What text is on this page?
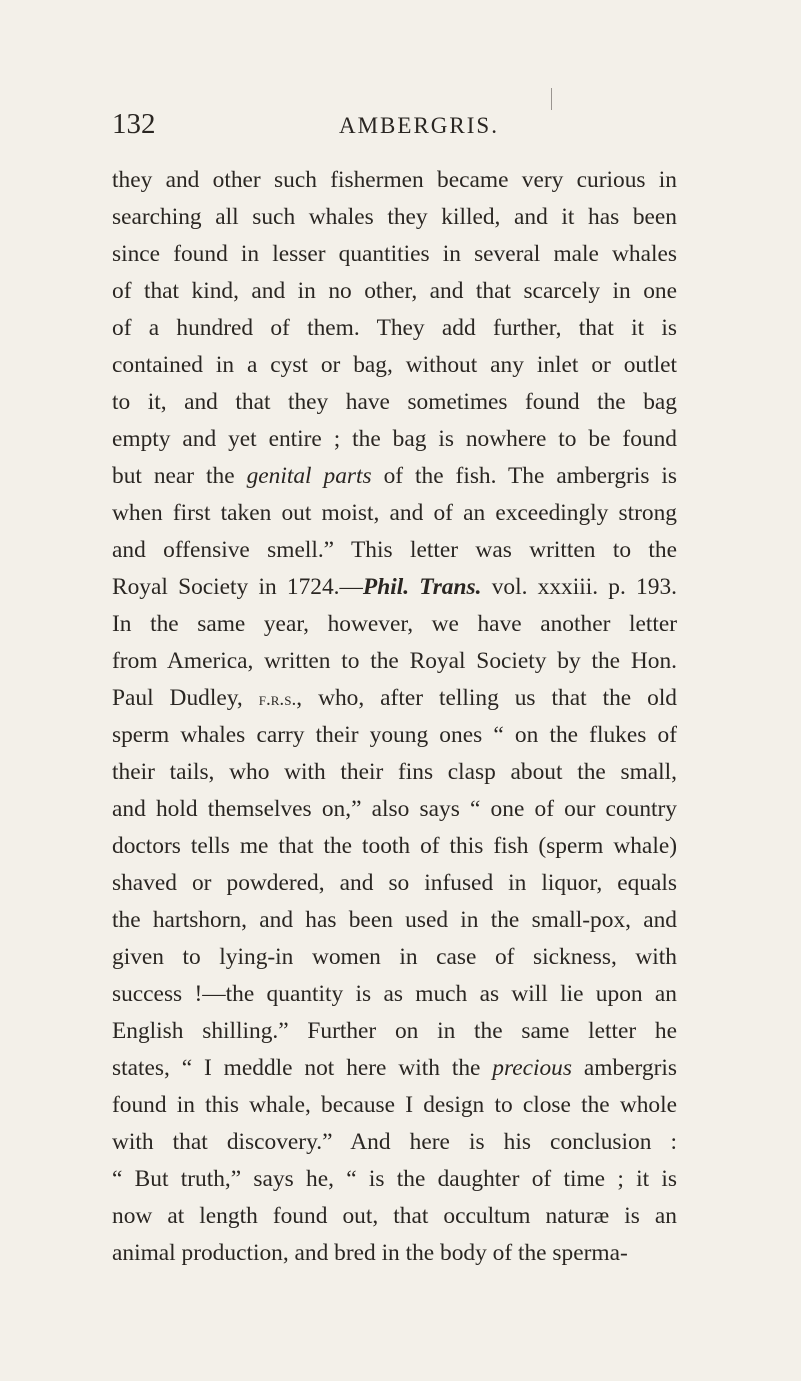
132	AMBERGRIS.
they and other such fishermen became very curious in
searching all such whales they killed, and it has been
since found in lesser quantities in several male whales
of that kind, and in no other, and that scarcely in one
of a hundred of them. They add further, that it is
contained in a cyst or bag, without any inlet or outlet
to it, and that they have sometimes found the bag
empty and yet entire ; the bag is nowhere to be found
but near the genital parts of the fish. The ambergris is
when first taken out moist, and of an exceedingly strong
and offensive smell.” This letter was written to the
Royal Society in 1724.—Phil. Trans. vol. xxxiii. p. 193.
In the same year, however, we have another letter
from America, written to the Royal Society by the Hon.
Paul Dudley, f.r.s., who, after telling us that the old
sperm whales carry their young ones “ on the flukes of
their tails, who with their fins clasp about the small,
and hold themselves on,” also says “ one of our country
doctors tells me that the tooth of this fish (sperm whale)
shaved or powdered, and so infused in liquor, equals
the hartshorn, and has been used in the small-pox, and
given to lying-in women in case of sickness, with
success !—the quantity is as much as will lie upon an
English shilling.” Further on in the same letter he
states, “ I meddle not here with the precious ambergris
found in this whale, because I design to close the whole
with that discovery.” And here is his conclusion :
“ But truth,” says he, “ is the daughter of time ; it is
now at length found out, that occultum naturæ is an
animal production, and bred in the body of the sperma-
